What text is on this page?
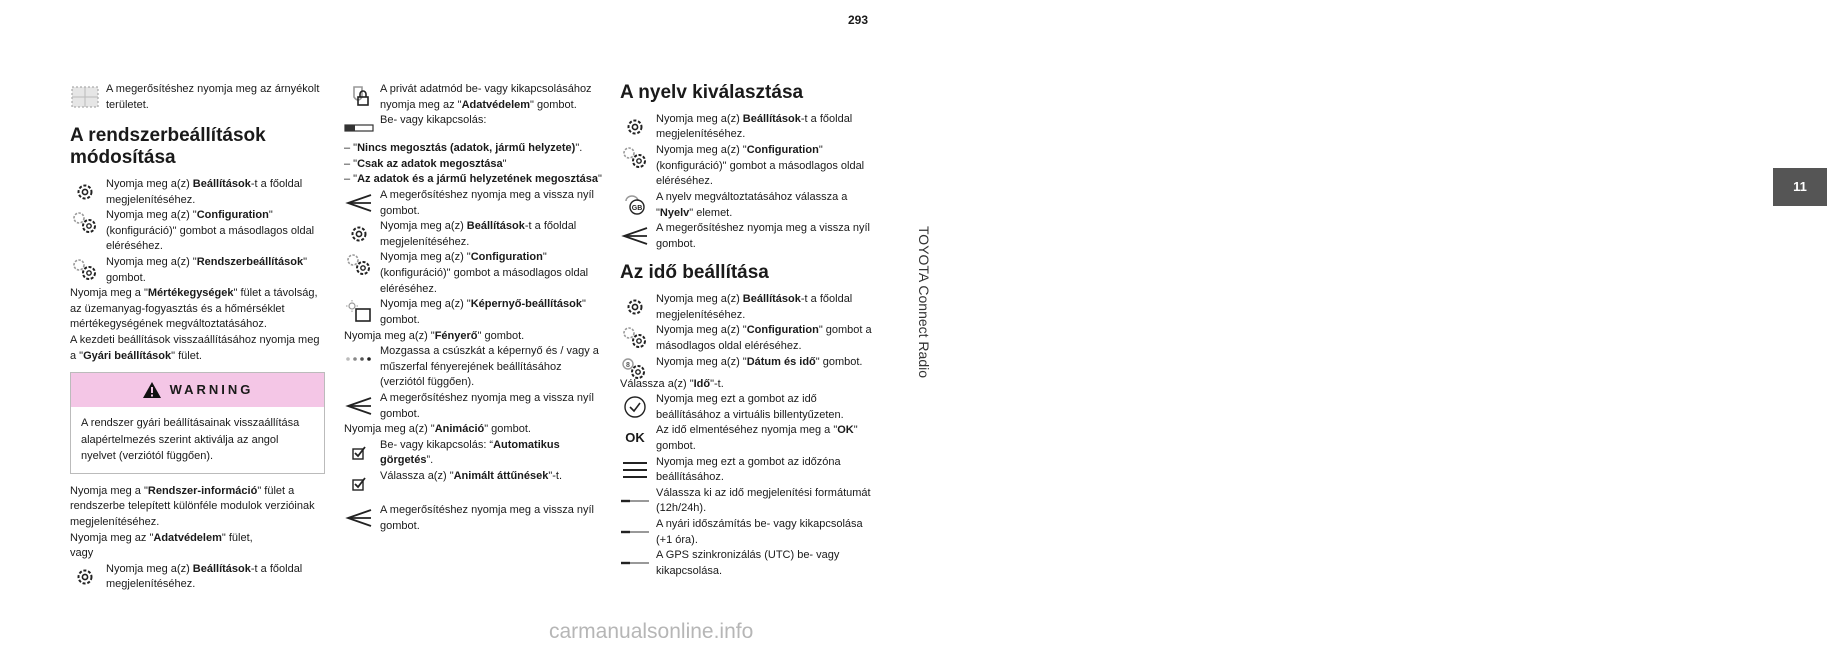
293
11
TOYOTA Connect Radio
A megerősítéshez nyomja meg az árnyékolt területet.
A rendszerbeállítások módosítása
Nyomja meg a(z) Beállítások-t a főoldal megjelenítéséhez.
Nyomja meg a(z) "Configuration" (konfiguráció)" gombot a másodlagos oldal eléréséhez.
Nyomja meg a(z) "Rendszerbeállítások" gombot.

Nyomja meg a "Mértékegységek" fület a távolság, az üzemanyag-fogyasztás és a hőmérséklet mértékegységének megváltoztatásához.

A kezdeti beállítások visszaállításához nyomja meg a "Gyári beállítások" fület.

WARNING
A rendszer gyári beállításainak visszaállítása alapértelmezés szerint aktiválja az angol nyelvet (verziótól függően).

Nyomja meg a "Rendszer-információ" fület a rendszerbe telepített különféle modulok verzióinak megjelenítéséhez.

Nyomja meg az "Adatvédelem" fület,

vagy

Nyomja meg a(z) Beállítások-t a főoldal megjelenítéséhez.
A privát adatmód be- vagy kikapcsolásához nyomja meg az "Adatvédelem" gombot.
Be- vagy kikapcsolás:

– "Nincs megosztás (adatok, jármű helyzete)".

– "Csak az adatok megosztása"

– "Az adatok és a jármű helyzetének megosztása"

A megerősítéshez nyomja meg a vissza nyíl gombot.
Nyomja meg a(z) Beállítások-t a főoldal megjelenítéséhez.
Nyomja meg a(z) "Configuration" (konfiguráció)" gombot a másodlagos oldal eléréséhez.
Nyomja meg a(z) "Képernyő-beállítások" gombot.

Nyomja meg a(z) "Fényerő" gombot.

Mozgassa a csúszkát a képernyő és / vagy a műszerfal fényerejének beállításához (verziótól függően).
A megerősítéshez nyomja meg a vissza nyíl gombot.

Nyomja meg a(z) "Animáció" gombot.

Be- vagy kikapcsolás: “Automatikus görgetés”.
Válassza a(z) "Animált áttűnések"-t.
A megerősítéshez nyomja meg a vissza nyíl gombot.
A nyelv kiválasztása
Nyomja meg a(z) Beállítások-t a főoldal megjelenítéséhez.
Nyomja meg a(z) "Configuration" (konfiguráció)" gombot a másodlagos oldal eléréséhez.
GB
A nyelv megváltoztatásához válassza a "Nyelv" elemet.
A megerősítéshez nyomja meg a vissza nyíl gombot.
Az idő beállítása
Nyomja meg a(z) Beállítások-t a főoldal megjelenítéséhez.
Nyomja meg a(z) "Configuration" gombot a másodlagos oldal eléréséhez.
8 Nyomja meg a(z) "Dátum és idő" gombot.

Válassza a(z) "Idő"-t.

Nyomja meg ezt a gombot az idő beállításához a virtuális billentyűzeten.
OK	Az idő elmentéséhez nyomja meg a "OK" gombot.
Nyomja meg ezt a gombot az időzóna beállításához.
Válassza ki az idő megjelenítési formátumát (12h/24h).
A nyári időszámítás be- vagy kikapcsolása (+1 óra).
A GPS szinkronizálás (UTC) be- vagy kikapcsolása.
carmanualsonline.info
